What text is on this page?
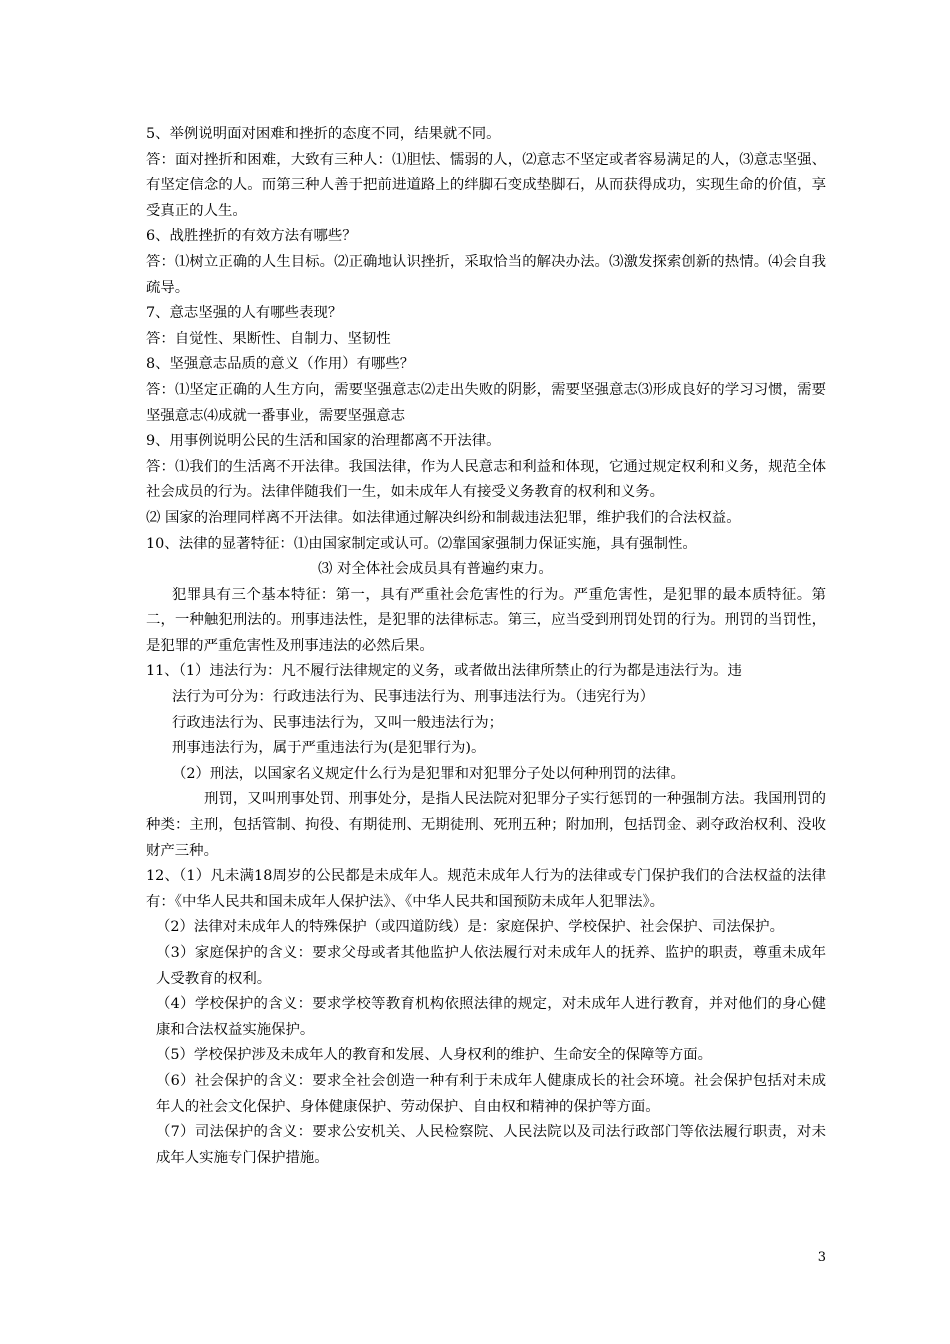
5、举例说明面对困难和挫折的态度不同，结果就不同。

答：面对挫折和困难，大致有三种人：⑴胆怯、懦弱的人，⑵意志不坚定或者容易满足的人，⑶意志坚强、有坚定信念的人。而第三种人善于把前进道路上的绊脚石变成垫脚石，从而获得成功，实现生命的价值，享受真正的人生。

6、战胜挫折的有效方法有哪些？

答：⑴树立正确的人生目标。⑵正确地认识挫折，采取恰当的解决办法。⑶激发探索创新的热情。⑷会自我疏导。

7、意志坚强的人有哪些表现？

答：自觉性、果断性、自制力、坚韧性

8、坚强意志品质的意义（作用）有哪些？

答：⑴坚定正确的人生方向，需要坚强意志⑵走出失败的阴影，需要坚强意志⑶形成良好的学习习惯，需要坚强意志⑷成就一番事业，需要坚强意志

9、用事例说明公民的生活和国家的治理都离不开法律。

答：⑴我们的生活离不开法律。我国法律，作为人民意志和利益和体现，它通过规定权利和义务，规范全体社会成员的行为。法律伴随我们一生，如未成年人有接受义务教育的权利和义务。

⑵ 国家的治理同样离不开法律。如法律通过解决纠纷和制裁违法犯罪，维护我们的合法权益。

10、法律的显著特征：⑴由国家制定或认可。⑵靠国家强制力保证实施，具有强制性。

⑶ 对全体社会成员具有普遍约束力。

犯罪具有三个基本特征：第一，具有严重社会危害性的行为。严重危害性，是犯罪的最本质特征。第二，一种触犯刑法的。刑事违法性，是犯罪的法律标志。第三，应当受到刑罚处罚的行为。刑罚的当罚性，是犯罪的严重危害性及刑事违法的必然后果。

11、（1）违法行为：凡不履行法律规定的义务，或者做出法律所禁止的行为都是违法行为。违

法行为可分为：行政违法行为、民事违法行为、刑事违法行为。（违宪行为）

行政违法行为、民事违法行为，又叫一般违法行为；

刑事违法行为，属于严重违法行为(是犯罪行为)。

（2）刑法，以国家名义规定什么行为是犯罪和对犯罪分子处以何种刑罚的法律。

刑罚，又叫刑事处罚、刑事处分，是指人民法院对犯罪分子实行惩罚的一种强制方法。我国刑罚的种类：主刑，包括管制、拘役、有期徒刑、无期徒刑、死刑五种；附加刑，包括罚金、剥夺政治权利、没收财产三种。

12、（1）凡未满18周岁的公民都是未成年人。规范未成年人行为的法律或专门保护我们的合法权益的法律有：《中华人民共和国未成年人保护法》、《中华人民共和国预防未成年人犯罪法》。

（2）法律对未成年人的特殊保护（或四道防线）是：家庭保护、学校保护、社会保护、司法保护。

（3）家庭保护的含义：要求父母或者其他监护人依法履行对未成年人的抚养、监护的职责，尊重未成年人受教育的权利。

（4）学校保护的含义：要求学校等教育机构依照法律的规定，对未成年人进行教育，并对他们的身心健康和合法权益实施保护。

（5）学校保护涉及未成年人的教育和发展、人身权利的维护、生命安全的保障等方面。

（6）社会保护的含义：要求全社会创造一种有利于未成年人健康成长的社会环境。社会保护包括对未成年人的社会文化保护、身体健康保护、劳动保护、自由权和精神的保护等方面。

（7）司法保护的含义：要求公安机关、人民检察院、人民法院以及司法行政部门等依法履行职责，对未成年人实施专门保护措施。

3
